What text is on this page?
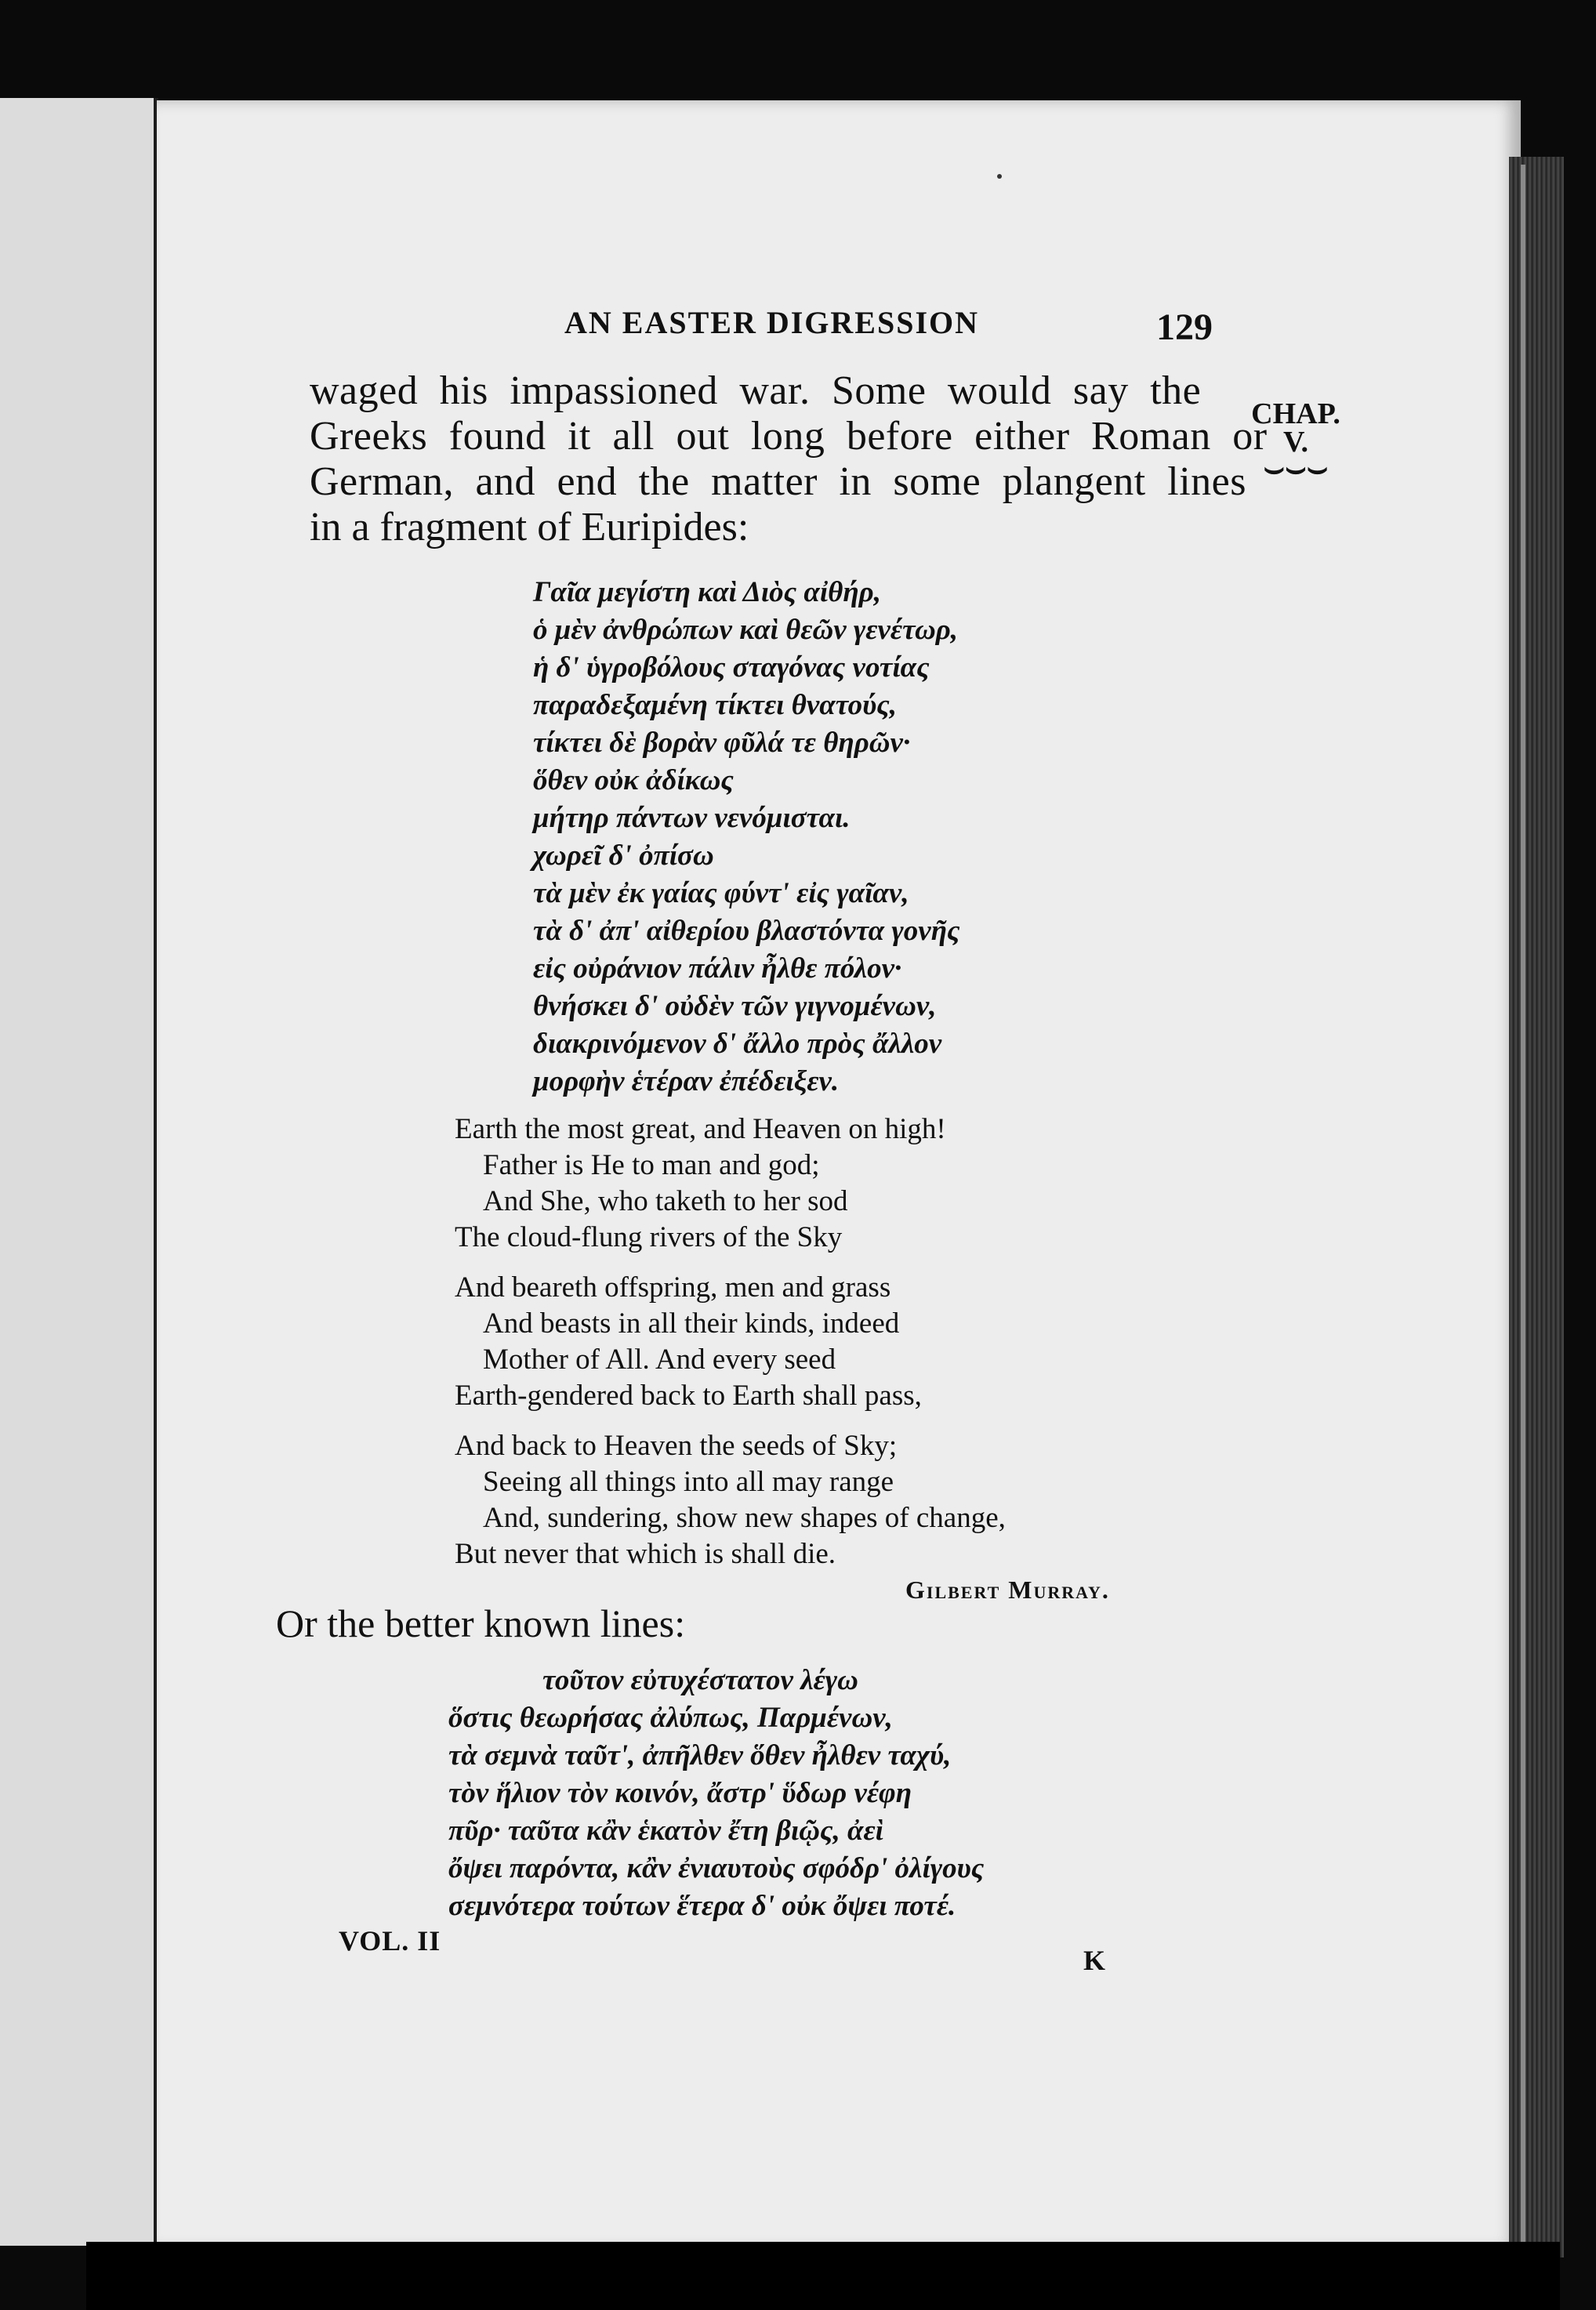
AN EASTER DIGRESSION	129
CHAP.
V.
⌣⌣⌣
waged his impassioned war. Some would say the
Greeks found it all out long before either Roman or
German, and end the matter in some plangent lines
in a fragment of Euripides:
Γαῖα μεγίστη καὶ Διὸς αἰθήρ,
ὁ μὲν ἀνθρώπων καὶ θεῶν γενέτωρ,
ἡ δ' ὑγροβόλους σταγόνας νοτίας
παραδεξαμένη τίκτει θνατούς,
τίκτει δὲ βορὰν φῦλά τε θηρῶν·
ὅθεν οὐκ ἀδίκως
μήτηρ πάντων νενόμισται.
χωρεῖ δ' ὀπίσω
τὰ μὲν ἐκ γαίας φύντ' εἰς γαῖαν,
τὰ δ' ἀπ' αἰθερίου βλαστόντα γονῆς
εἰς οὐράνιον πάλιν ἦλθε πόλον·
θνήσκει δ' οὐδὲν τῶν γιγνομένων,
διακρινόμενον δ' ἄλλο πρὸς ἄλλον
μορφὴν ἑτέραν ἐπέδειξεν.
Earth the most great, and Heaven on high!
Father is He to man and god;
And She, who taketh to her sod
The cloud-flung rivers of the Sky
And beareth offspring, men and grass
And beasts in all their kinds, indeed
Mother of All. And every seed
Earth-gendered back to Earth shall pass,
And back to Heaven the seeds of Sky;
Seeing all things into all may range
And, sundering, show new shapes of change,
But never that which is shall die.
Gilbert Murray.
Or the better known lines:
τοῦτον εὐτυχέστατον λέγω
ὅστις θεωρήσας ἀλύπως, Παρμένων,
τὰ σεμνὰ ταῦτ', ἀπῆλθεν ὅθεν ἦλθεν ταχύ,
τὸν ἥλιον τὸν κοινόν, ἄστρ' ὕδωρ νέφη
πῦρ· ταῦτα κἂν ἑκατὸν ἔτη βιῷς, ἀεὶ
ὄψει παρόντα, κἂν ἐνιαυτοὺς σφόδρ' ὀλίγους
σεμνότερα τούτων ἕτερα δ' οὐκ ὄψει ποτέ.
VOL. II
K
